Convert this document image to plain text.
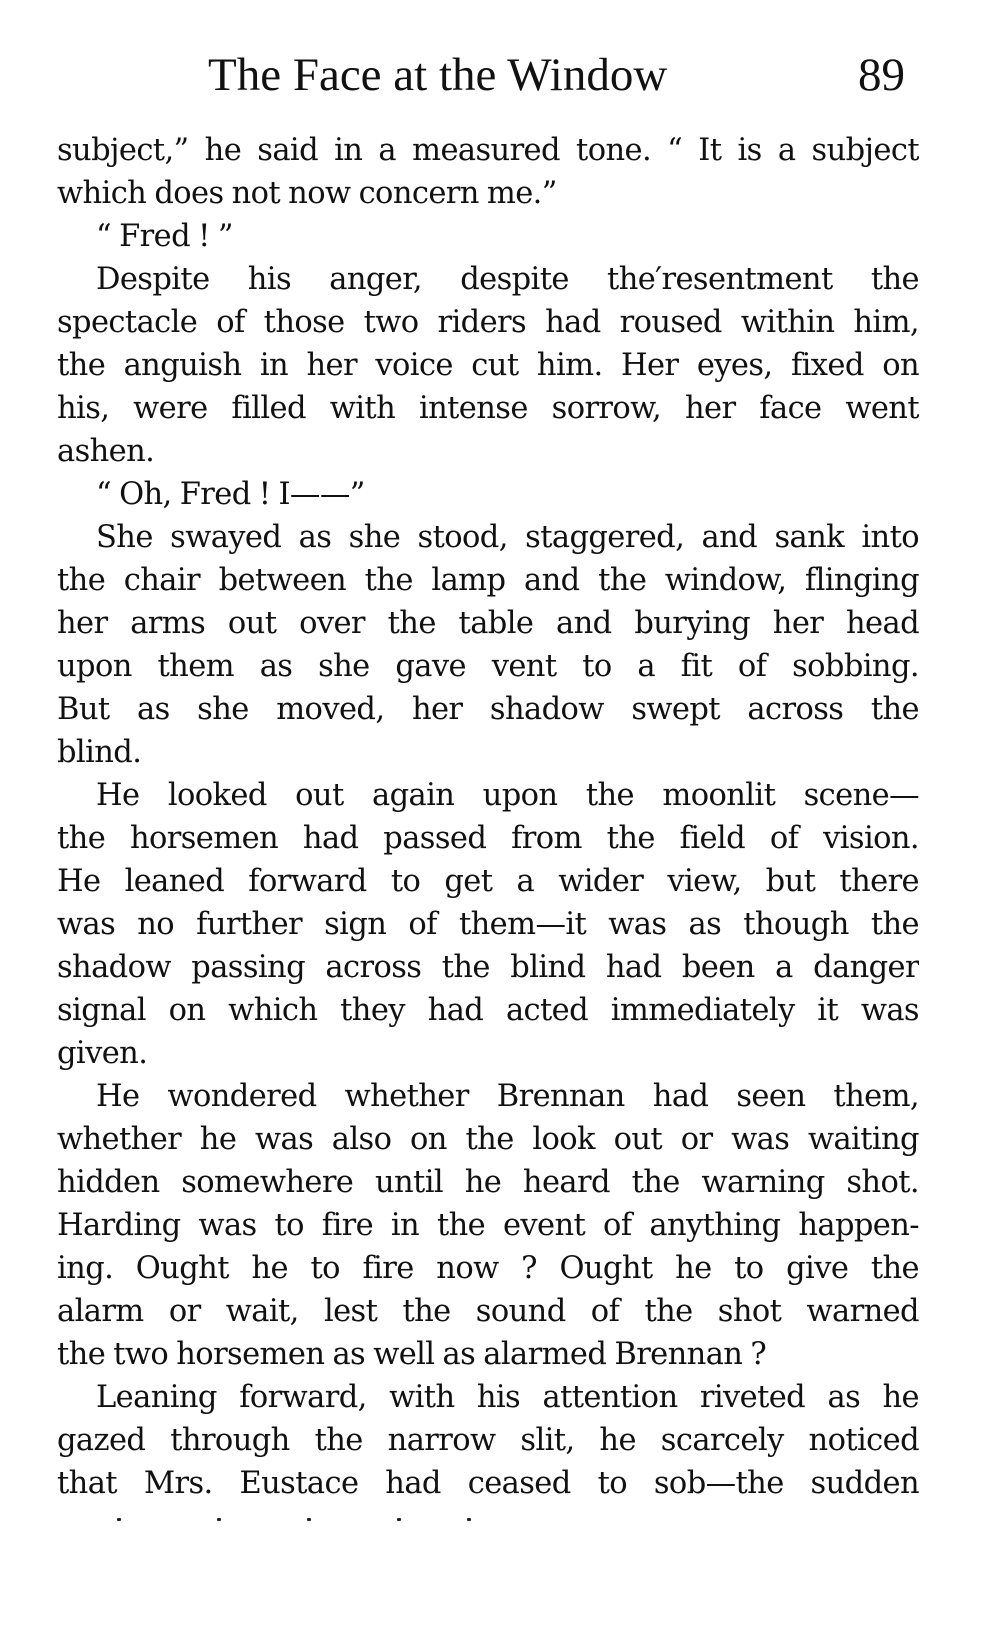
The Face at the Window	89
subject,” he said in a measured tone. “ It is a subject
which does not now concern me.”
“ Fred ! ”
Despite his anger, despite the′resentment the
spectacle of those two riders had roused within him,
the anguish in her voice cut him. Her eyes, fixed on
his, were filled with intense sorrow, her face went
ashen.
“ Oh, Fred ! I——”
She swayed as she stood, staggered, and sank into
the chair between the lamp and the window, flinging
her arms out over the table and burying her head
upon them as she gave vent to a fit of sobbing.
But as she moved, her shadow swept across the
blind.
He looked out again upon the moonlit scene—
the horsemen had passed from the field of vision.
He leaned forward to get a wider view, but there
was no further sign of them—it was as though the
shadow passing across the blind had been a danger
signal on which they had acted immediately it was
given.
He wondered whether Brennan had seen them,
whether he was also on the look out or was waiting
hidden somewhere until he heard the warning shot.
Harding was to fire in the event of anything happen-
ing. Ought he to fire now ? Ought he to give the
alarm or wait, lest the sound of the shot warned
the two horsemen as well as alarmed Brennan ?
Leaning forward, with his attention riveted as he
gazed through the narrow slit, he scarcely noticed
that Mrs. Eustace had ceased to sob—the sudden
